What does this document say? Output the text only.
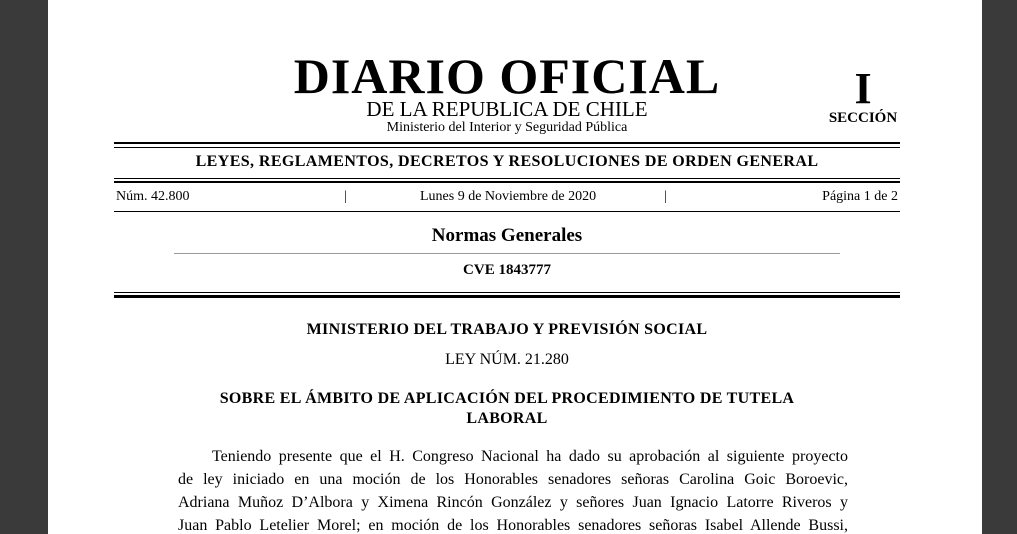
DIARIO OFICIAL
DE LA REPUBLICA DE CHILE
Ministerio del Interior y Seguridad Pública
I
SECCIÓN
LEYES, REGLAMENTOS, DECRETOS Y RESOLUCIONES DE ORDEN GENERAL
Núm. 42.800	|	Lunes 9 de Noviembre de 2020	|	Página 1 de 2
Normas Generales
CVE 1843777
MINISTERIO DEL TRABAJO Y PREVISIÓN SOCIAL
LEY NÚM. 21.280
SOBRE EL ÁMBITO DE APLICACIÓN DEL PROCEDIMIENTO DE TUTELA
LABORAL
Teniendo presente que el H. Congreso Nacional ha dado su aprobación al siguiente proyecto
de ley iniciado en una moción de los Honorables senadores señoras Carolina Goic Boroevic,
Adriana Muñoz D’Albora y Ximena Rincón González y señores Juan Ignacio Latorre Riveros y
Juan Pablo Letelier Morel; en moción de los Honorables senadores señoras Isabel Allende Bussi,
